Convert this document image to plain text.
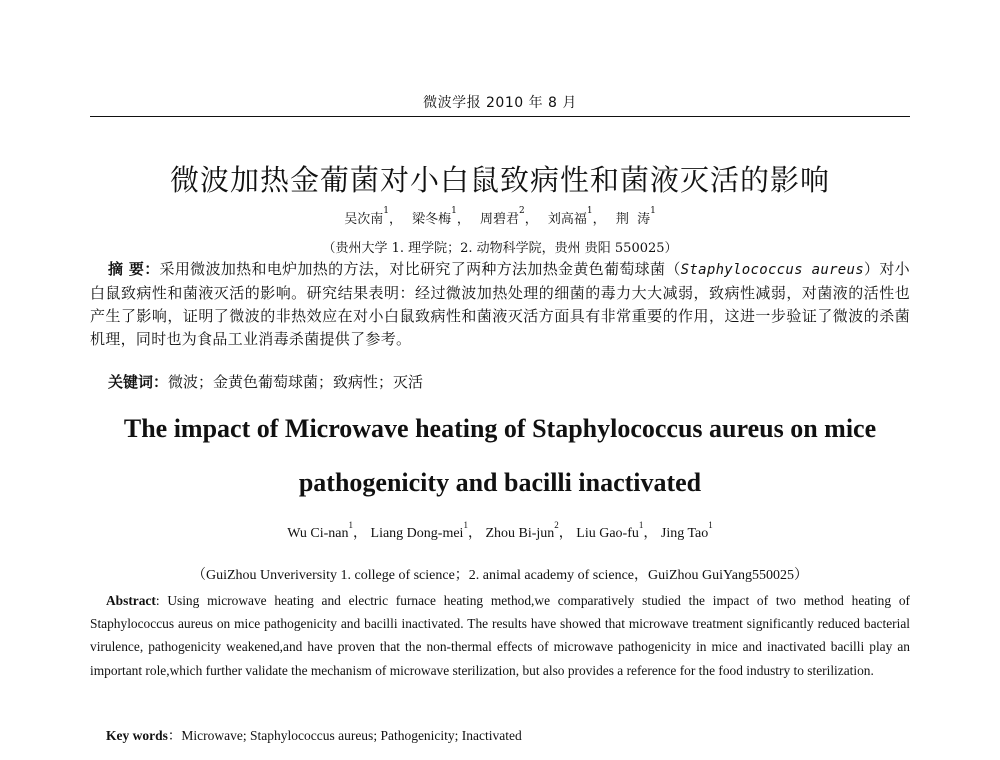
微波学报 2010 年 8 月
微波加热金葡菌对小白鼠致病性和菌液灭活的影响
吴次南$^1$， 梁冬梅$^1$， 周碧君$^2$， 刘高福$^1$， 荆  涛$^1$
（贵州大学 1. 理学院；2. 动物科学院，贵州 贵阳 550025）
摘 要：采用微波加热和电炉加热的方法，对比研究了两种方法加热金黄色葡萄球菌（Staphylococcus aureus）对小白鼠致病性和菌液灭活的影响。研究结果表明：经过微波加热处理的细菌的毒力大大减弱，致病性减弱，对菌液的活性也产生了影响，证明了微波的非热效应在对小白鼠致病性和菌液灭活方面具有非常重要的作用，这进一步验证了微波的杀菌机理，同时也为食品工业消毒杀菌提供了参考。
关键词：微波；金黄色葡萄球菌；致病性；灭活
The impact of Microwave heating of Staphylococcus aureus on mice
pathogenicity and bacilli inactivated
Wu Ci-nan$^1$， Liang Dong-mei$^1$， Zhou Bi-jun$^2$， Liu Gao-$fu^1$， Jing Tao$^1$
（GuiZhou Unveriversity 1. college of science；2. animal academy of science，GuiZhou GuiYang550025）
Abstract: Using microwave heating and electric furnace heating method,we comparatively studied the impact of two method heating of Staphylococcus aureus on mice pathogenicity and bacilli inactivated. The results have showed that microwave treatment significantly reduced bacterial virulence, pathogenicity weakened,and have proven that the non-thermal effects of microwave pathogenicity in mice and inactivated bacilli play an important role,which further validate the mechanism of microwave sterilization, but also provides a reference for the food industry to sterilization.
Key words：Microwave; Staphylococcus aureus; Pathogenicity; Inactivated
